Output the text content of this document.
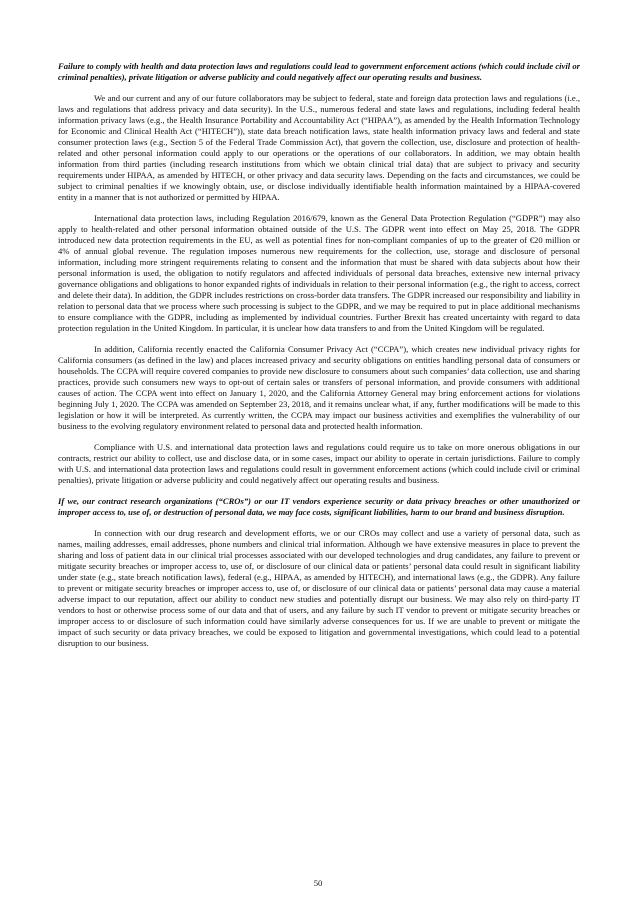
Failure to comply with health and data protection laws and regulations could lead to government enforcement actions (which could include civil or criminal penalties), private litigation or adverse publicity and could negatively affect our operating results and business.

We and our current and any of our future collaborators may be subject to federal, state and foreign data protection laws and regulations (i.e., laws and regulations that address privacy and data security). In the U.S., numerous federal and state laws and regulations, including federal health information privacy laws (e.g., the Health Insurance Portability and Accountability Act (“HIPAA”), as amended by the Health Information Technology for Economic and Clinical Health Act (“HITECH”)), state data breach notification laws, state health information privacy laws and federal and state consumer protection laws (e.g., Section 5 of the Federal Trade Commission Act), that govern the collection, use, disclosure and protection of health-related and other personal information could apply to our operations or the operations of our collaborators. In addition, we may obtain health information from third parties (including research institutions from which we obtain clinical trial data) that are subject to privacy and security requirements under HIPAA, as amended by HITECH, or other privacy and data security laws. Depending on the facts and circumstances, we could be subject to criminal penalties if we knowingly obtain, use, or disclose individually identifiable health information maintained by a HIPAA-covered entity in a manner that is not authorized or permitted by HIPAA.

International data protection laws, including Regulation 2016/679, known as the General Data Protection Regulation (“GDPR”) may also apply to health-related and other personal information obtained outside of the U.S. The GDPR went into effect on May 25, 2018. The GDPR introduced new data protection requirements in the EU, as well as potential fines for non-compliant companies of up to the greater of €20 million or 4% of annual global revenue. The regulation imposes numerous new requirements for the collection, use, storage and disclosure of personal information, including more stringent requirements relating to consent and the information that must be shared with data subjects about how their personal information is used, the obligation to notify regulators and affected individuals of personal data breaches, extensive new internal privacy governance obligations and obligations to honor expanded rights of individuals in relation to their personal information (e.g., the right to access, correct and delete their data). In addition, the GDPR includes restrictions on cross-border data transfers. The GDPR increased our responsibility and liability in relation to personal data that we process where such processing is subject to the GDPR, and we may be required to put in place additional mechanisms to ensure compliance with the GDPR, including as implemented by individual countries. Further Brexit has created uncertainty with regard to data protection regulation in the United Kingdom. In particular, it is unclear how data transfers to and from the United Kingdom will be regulated.

In addition, California recently enacted the California Consumer Privacy Act (“CCPA”), which creates new individual privacy rights for California consumers (as defined in the law) and places increased privacy and security obligations on entities handling personal data of consumers or households. The CCPA will require covered companies to provide new disclosure to consumers about such companies’ data collection, use and sharing practices, provide such consumers new ways to opt-out of certain sales or transfers of personal information, and provide consumers with additional causes of action. The CCPA went into effect on January 1, 2020, and the California Attorney General may bring enforcement actions for violations beginning July 1, 2020. The CCPA was amended on September 23, 2018, and it remains unclear what, if any, further modifications will be made to this legislation or how it will be interpreted. As currently written, the CCPA may impact our business activities and exemplifies the vulnerability of our business to the evolving regulatory environment related to personal data and protected health information.

Compliance with U.S. and international data protection laws and regulations could require us to take on more onerous obligations in our contracts, restrict our ability to collect, use and disclose data, or in some cases, impact our ability to operate in certain jurisdictions. Failure to comply with U.S. and international data protection laws and regulations could result in government enforcement actions (which could include civil or criminal penalties), private litigation or adverse publicity and could negatively affect our operating results and business.

If we, our contract research organizations (“CROs”) or our IT vendors experience security or data privacy breaches or other unauthorized or improper access to, use of, or destruction of personal data, we may face costs, significant liabilities, harm to our brand and business disruption.

In connection with our drug research and development efforts, we or our CROs may collect and use a variety of personal data, such as names, mailing addresses, email addresses, phone numbers and clinical trial information. Although we have extensive measures in place to prevent the sharing and loss of patient data in our clinical trial processes associated with our developed technologies and drug candidates, any failure to prevent or mitigate security breaches or improper access to, use of, or disclosure of our clinical data or patients’ personal data could result in significant liability under state (e.g., state breach notification laws), federal (e.g., HIPAA, as amended by HITECH), and international laws (e.g., the GDPR). Any failure to prevent or mitigate security breaches or improper access to, use of, or disclosure of our clinical data or patients’ personal data may cause a material adverse impact to our reputation, affect our ability to conduct new studies and potentially disrupt our business. We may also rely on third-party IT vendors to host or otherwise process some of our data and that of users, and any failure by such IT vendor to prevent or mitigate security breaches or improper access to or disclosure of such information could have similarly adverse consequences for us. If we are unable to prevent or mitigate the impact of such security or data privacy breaches, we could be exposed to litigation and governmental investigations, which could lead to a potential disruption to our business.

50
